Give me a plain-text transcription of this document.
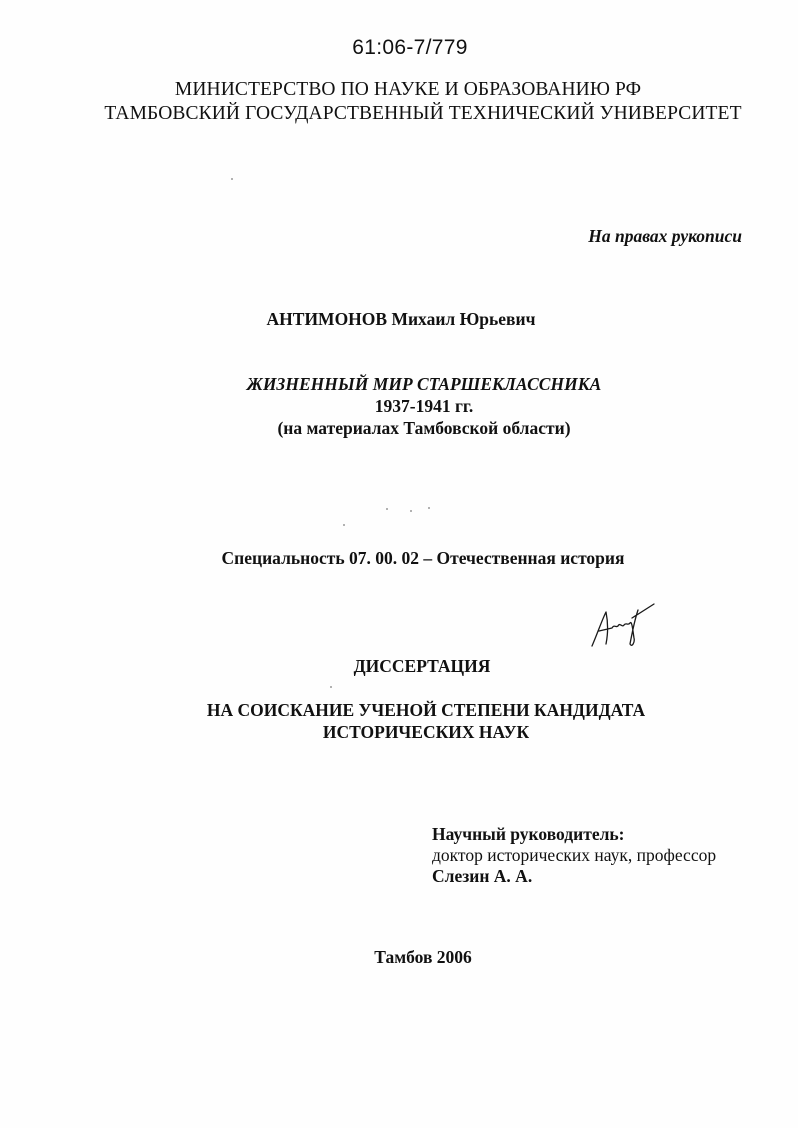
61:06-7/779
МИНИСТЕРСТВО ПО НАУКЕ И ОБРАЗОВАНИЮ РФ
ТАМБОВСКИЙ ГОСУДАРСТВЕННЫЙ ТЕХНИЧЕСКИЙ УНИВЕРСИТЕТ
На правах рукописи
АНТИМОНОВ Михаил Юрьевич
ЖИЗНЕННЫЙ МИР СТАРШЕКЛАССНИКА
1937-1941 гг.
(на материалах Тамбовской области)
Специальность 07. 00. 02 – Отечественная история
ДИССЕРТАЦИЯ
НА СОИСКАНИЕ УЧЕНОЙ СТЕПЕНИ КАНДИДАТА
ИСТОРИЧЕСКИХ НАУК
Научный руководитель:
доктор исторических наук, профессор
Слезин А. А.
Тамбов 2006
